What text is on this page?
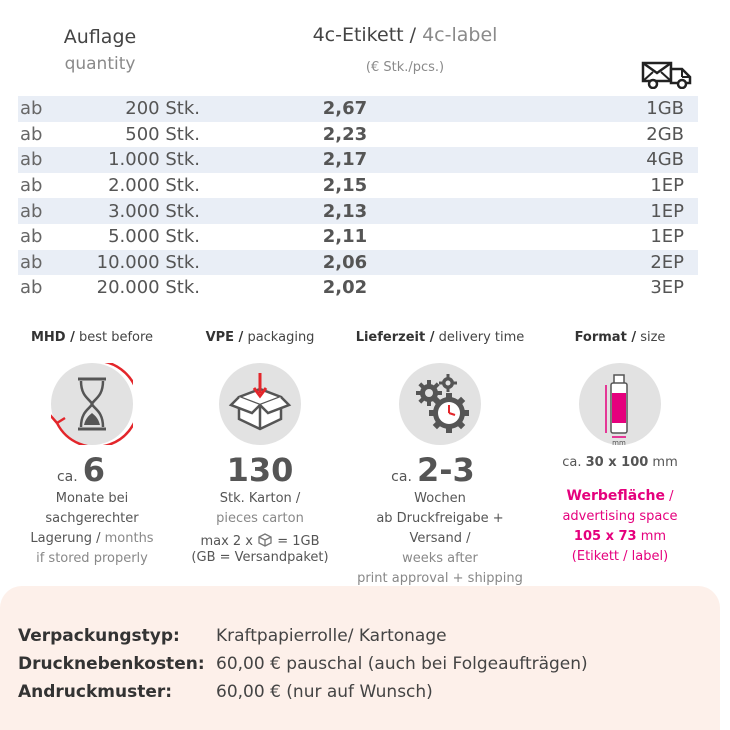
Auflage
quantity
4c-Etikett / 4c-label
(€ Stk./pcs.)
ab	200 Stk.	2,67	1GB
ab	500 Stk.	2,23	2GB
ab	1.000 Stk.	2,17	4GB
ab	2.000 Stk.	2,15	1EP
ab	3.000 Stk.	2,13	1EP
ab	5.000 Stk.	2,11	1EP
ab	10.000 Stk.	2,06	2EP
ab	20.000 Stk.	2,02	3EP
MHD / best before
ca. 6
Monate bei
sachgerechter
Lagerung / months
if stored properly
VPE / packaging
130
Stk. Karton /
pieces carton
max 2 x  = 1GB
(GB = Versandpaket)
Lieferzeit / delivery time
ca. 2-3
Wochen
ab Druckfreigabe + Versand /
weeks after
print approval + shipping
Format / size
mm
ca. 30 x 100 mm
Werbefläche /
advertising space
105 x 73 mm
(Etikett / label)
Verpackungstyp: Kraftpapierrolle/ Kartonage
Drucknebenkosten: 60,00 € pauschal (auch bei Folgeaufträgen)
Andruckmuster:	60,00 € (nur auf Wunsch)
